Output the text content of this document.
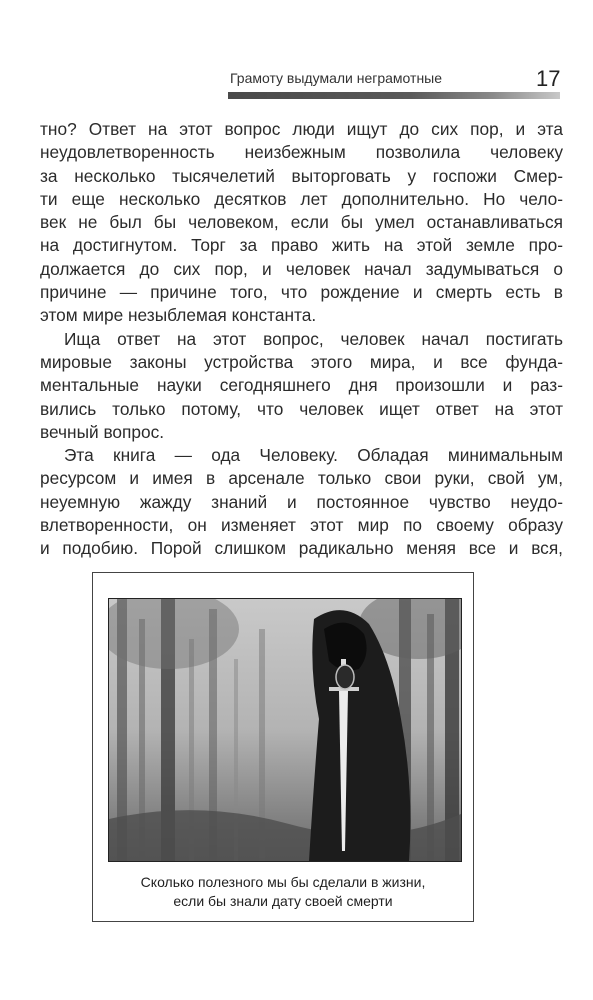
Грамоту выдумали неграмотные	17
тно? Ответ на этот вопрос люди ищут до сих пор, и эта
неудовлетворенность неизбежным позволила человеку
за несколько тысячелетий выторговать у госпожи Смер-
ти еще несколько десятков лет дополнительно. Но чело-
век не был бы человеком, если бы умел останавливаться
на достигнутом. Торг за право жить на этой земле про-
должается до сих пор, и человек начал задумываться о
причине — причине того, что рождение и смерть есть в
этом мире незыблемая константа.
Ища ответ на этот вопрос, человек начал постигать
мировые законы устройства этого мира, и все фунда-
ментальные науки сегодняшнего дня произошли и раз-
вились только потому, что человек ищет ответ на этот
вечный вопрос.
Эта книга — ода Человеку. Обладая минимальным
ресурсом и имея в арсенале только свои руки, свой ум,
неуемную жажду знаний и постоянное чувство неудо-
влетворенности, он изменяет этот мир по своему образу
и подобию. Порой слишком радикально меняя все и вся,
Сколько полезного мы бы сделали в жизни,
если бы знали дату своей смерти
